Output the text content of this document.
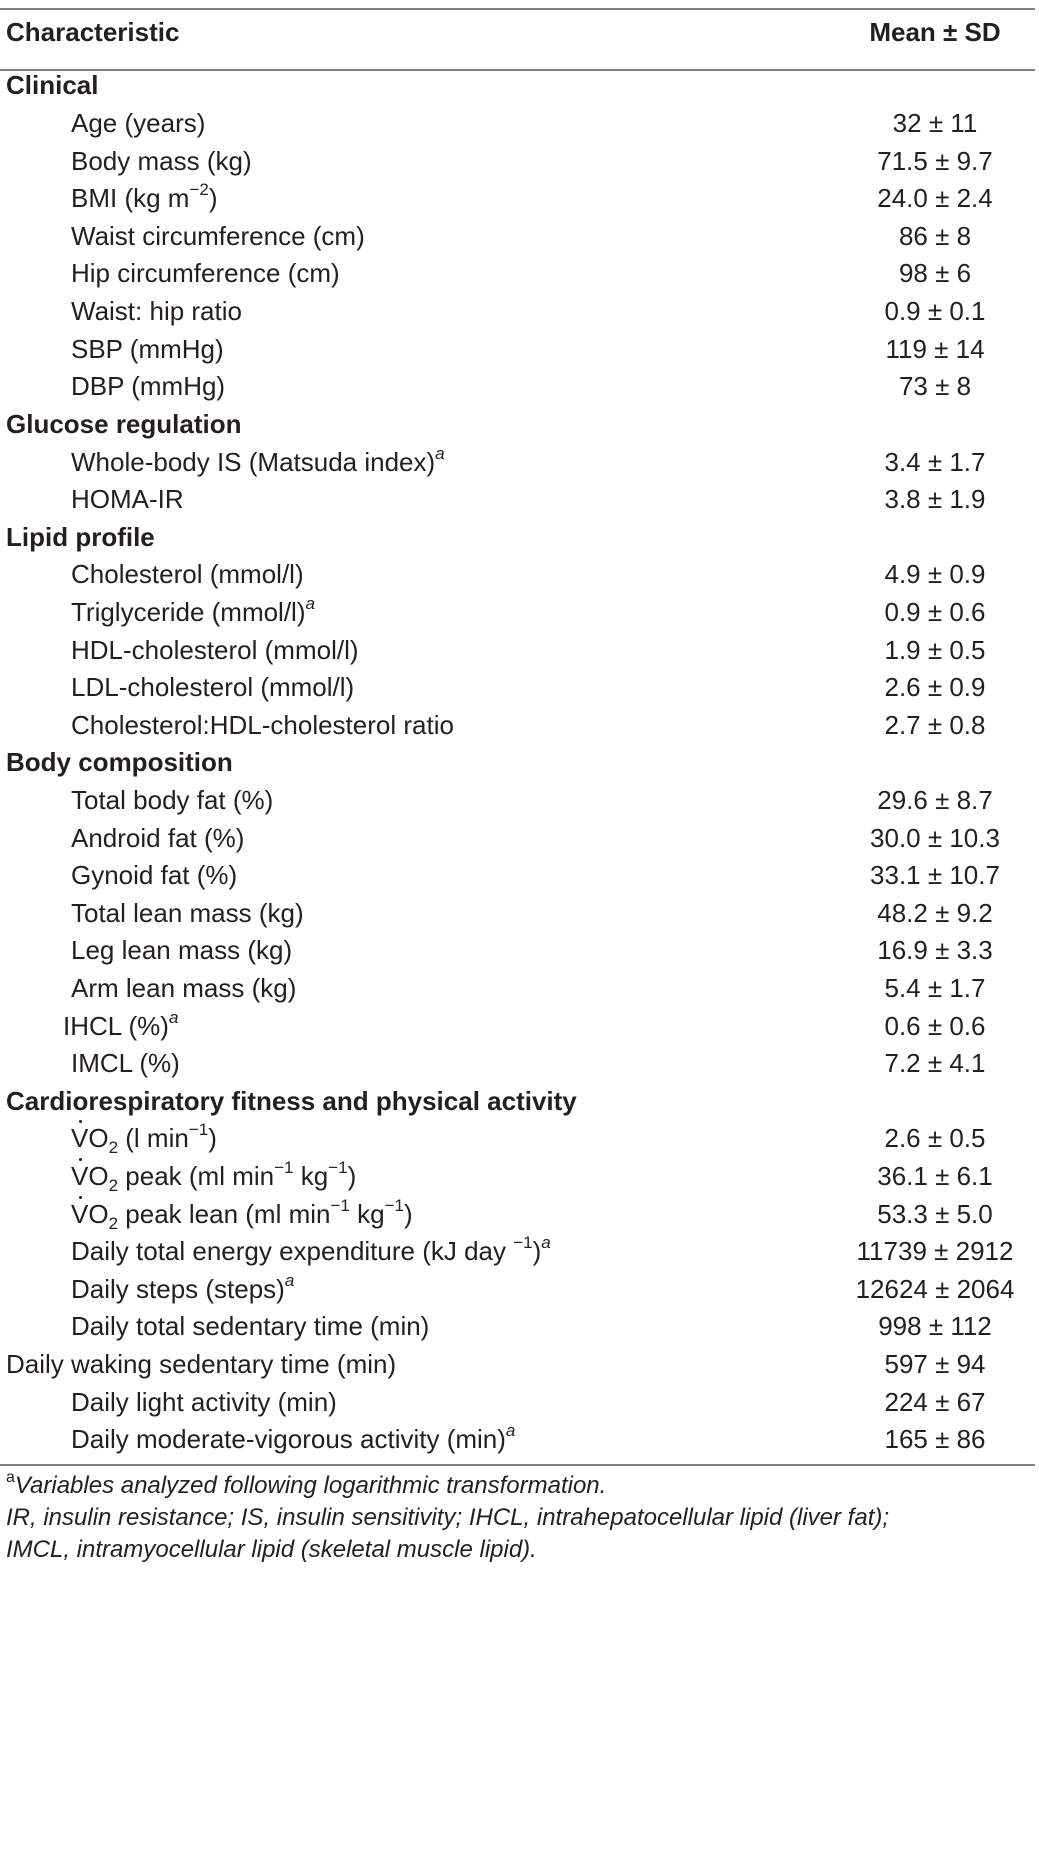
Characteristic	Mean ± SD
Clinical
Age (years)	32 ± 11
Body mass (kg)	71.5 ± 9.7
BMI (kg $m^{-2}$)	24.0 ± 2.4
Waist circumference (cm)	86 ± 8
Hip circumference (cm)	98 ± 6
Waist: hip ratio	0.9 ± 0.1
SBP (mmHg)	119 ± 14
DBP (mmHg)	73 ± 8
Glucose regulation
Whole-body IS (Matsuda index)$^a$	3.4 ± 1.7
HOMA-IR	3.8 ± 1.9
Lipid profile
Cholesterol (mmol/l)	4.9 ± 0.9
Triglyceride (mmol/l)$^a$	0.9 ± 0.6
HDL-cholesterol (mmol/l)	1.9 ± 0.5
LDL-cholesterol (mmol/l)	2.6 ± 0.9
Cholesterol:HDL-cholesterol ratio	2.7 ± 0.8
Body composition
Total body fat (%)	29.6 ± 8.7
Android fat (%)	30.0 ± 10.3
Gynoid fat (%)	33.1 ± 10.7
Total lean mass (kg)	48.2 ± 9.2
Leg lean mass (kg)	16.9 ± 3.3
Arm lean mass (kg)	5.4 ± 1.7
IHCL (%)$^a$	0.6 ± 0.6
IMCL (%)	7.2 ± 4.1
Cardiorespiratory fitness and physical activity
$VO_2$ (l $\min^{-1}$)	2.6 ± 0.5
$VO_2$ peak (ml $\min^{-1} kg^{-1}$)	36.1 ± 6.1
$VO_2$ peak lean (ml $\min^{-1} kg^{-1}$)	53.3 ± 5.0
Daily total energy expenditure (kJ day $^{-1}$)$^a$	11739 ± 2912
Daily steps (steps)$^a$	12624 ± 2064
Daily total sedentary time (min)	998 ± 112
Daily waking sedentary time (min)	597 ± 94
Daily light activity (min)	224 ± 67
Daily moderate-vigorous activity $(\min)^a$	165 ± 86
$^a$Variables analyzed following logarithmic transformation.
IR, insulin resistance; IS, insulin sensitivity; IHCL, intrahepatocellular lipid (liver fat);
IMCL, intramyocellular lipid (skeletal muscle lipid).
